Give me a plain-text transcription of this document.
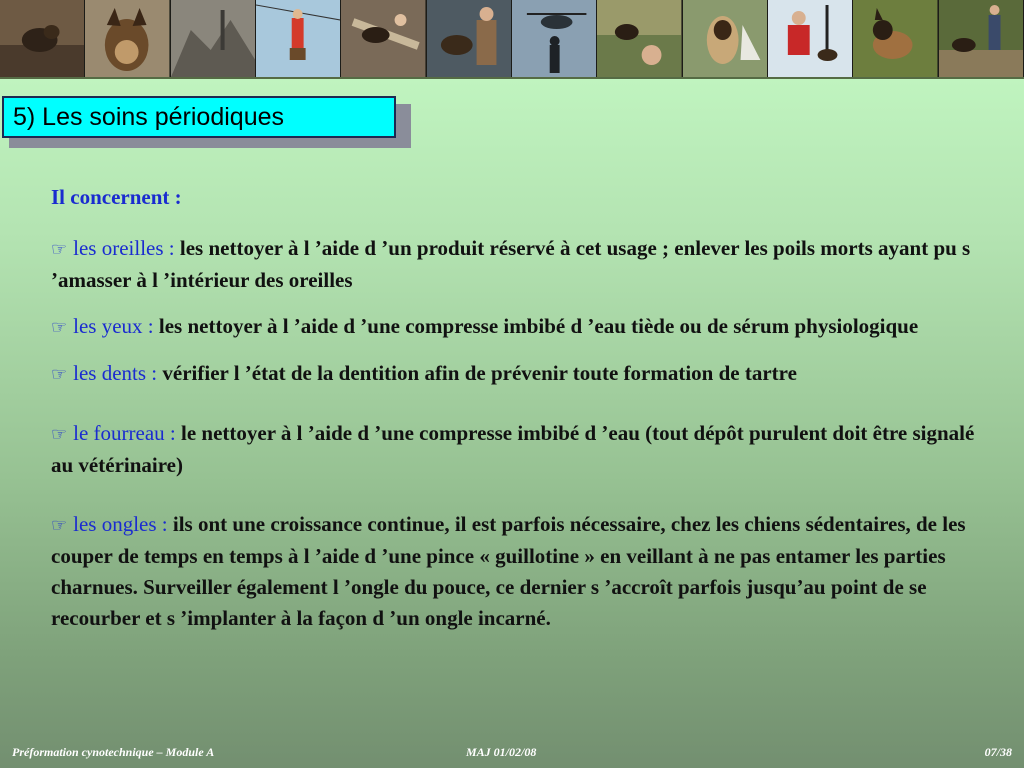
5) Les soins périodiques
Il concernent :
☞ les oreilles : les nettoyer à l ’aide d ’un produit réservé à cet usage ; enlever les poils morts ayant pu s ’amasser à l ’intérieur des oreilles
☞ les yeux : les nettoyer à l ’aide d ’une compresse imbibé d ’eau tiède ou de sérum physiologique
☞ les dents : vérifier l ’état de la dentition afin de prévenir toute formation de tartre
☞ le fourreau : le nettoyer à l ’aide d ’une compresse imbibé d ’eau (tout dépôt purulent doit être signalé au vétérinaire)
☞ les ongles : ils ont une croissance continue, il est parfois nécessaire, chez les chiens sédentaires, de les couper de temps en temps à l ’aide d ’une pince « guillotine » en veillant à ne pas entamer les parties charnues. Surveiller également l ’ongle du pouce, ce dernier s ’accroît parfois jusqu’au point de se recourber et s ’implanter à la façon d ’un ongle incarné.
Préformation cynotechnique – Module A	MAJ 01/02/08	07/38
